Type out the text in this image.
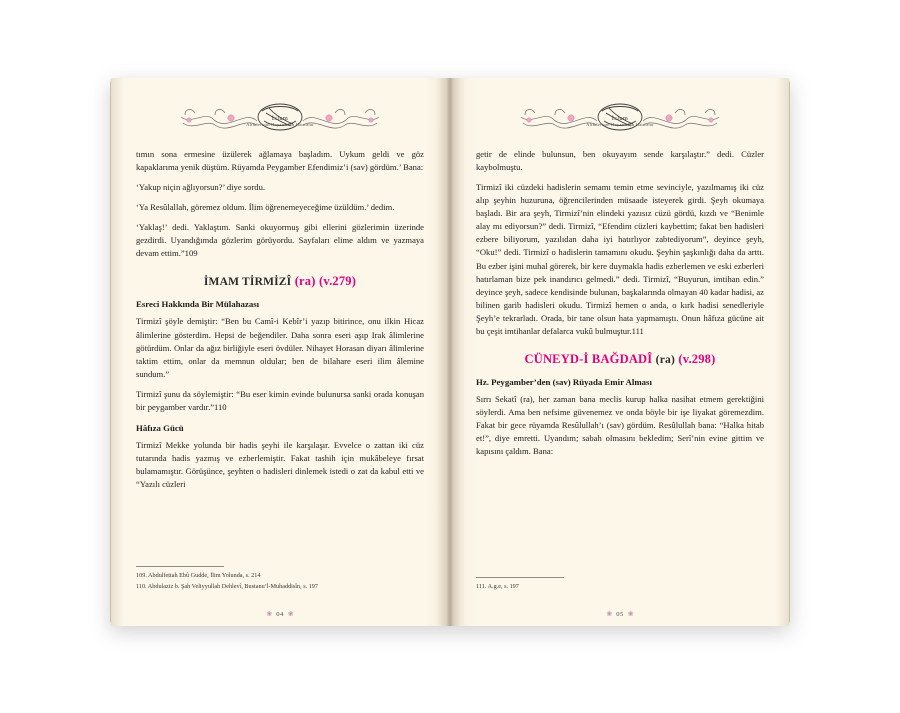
İslam
Alimlerinin Hayatından Hatıralar

tımın sona ermesine üzülerek ağlamaya başladım. Uykum geldi ve göz kapaklarıma yenik düştüm. Rüyamda Peygamber Efendimiz’i (sav) gördüm.’ Bana:

‘Yakup niçin ağlıyorsun?’ diye sordu.

‘Ya Resûlallah, göremez oldum. İlim öğrenemeyeceğime üzüldüm.’ dedim.

‘Yaklaş!’ dedi. Yaklaştım. Sanki okuyormuş gibi ellerini gözlerimin üzerinde gezdirdi. Uyandığımda gözlerim görüyordu. Sayfaları elime aldım ve yazmaya devam ettim.”109

İMAM TİRMİZÎ (ra) (v.279)
Esreci Hakkında Bir Mülahazası

Tirmizî şöyle demiştir: “Ben bu Camî-i Kebîr’i yazıp bitirince, onu ilkin Hicaz âlimlerine gösterdim. Hepsi de beğendiler. Daha sonra eseri aşıp Irak âlimlerine götürdüm. Onlar da ağız birliğiyle eseri övdüler. Nihayet Horasan diyarı âlimlerine taktim ettim, onlar da memnun oldular; ben de bilahare eseri ilim âlemine sundum.”

Tirmizî şunu da söylemiştir: “Bu eser kimin evinde bulunursa sanki orada konuşan bir peygamber vardır.”110

Hâfıza Gücü

Tirmizî Mekke yolunda bir hadis şeyhi ile karşılaşır. Evvelce o zattan iki cüz tutarında hadis yazmış ve ezberlemiştir. Fakat tashih için mukâbeleye fırsat bulamamıştır. Görüşünce, şeyhten o hadisleri dinlemek istedi o zat da kabul etti ve “Yazılı cüzleri

109. Abdulfettah Ebû Gudde, İlim Yolunda, s. 214

110. Abdulaziz b. Şah Veliyyullah Dehlevî, Bustanu’l-Muhaddisîn, s. 197

❀ 04 ❀
İslam
Alimlerinin Hayatından Hatıralar

getir de elinde bulunsun, ben okuyayım sende karşılaştır.” dedi. Cüzler kaybolmuştu.

Tirmizî iki cüzdeki hadislerin semamı temin etme sevinciyle, yazılmamış iki cüz alıp şeyhin huzuruna, öğrencilerinden müsaade isteyerek girdi. Şeyh okumaya başladı. Bir ara şeyh, Tirmizî’nin elindeki yazısız cüzü gördü, kızdı ve “Benimle alay mı ediyorsun?” dedi. Tirmizî, “Efendim cüzleri kaybettim; fakat ben hadisleri ezbere biliyorum, yazılıdan daha iyi hatırlıyor zabtediyorum”, deyince şeyh, “Oku!” dedi. Tirmizî o hadislerin tamamını okudu. Şeyhin şaşkınlığı daha da arttı. Bu ezber işini muhal görerek, bir kere duymakla hadis ezberlemen ve eski ezberleri hatırlaman bize pek inandırıcı gelmedi.” dedi. Tirmizî, “Buyurun, imtihan edin.” deyince şeyh, sadece kendisinde bulunan, başkalarında olmayan 40 kadar hadisi, az bilinen garib hadisleri okudu. Tirmizî hemen o anda, o kırk hadisi senedleriyle Şeyh’e tekrarladı. Orada, bir tane olsun hata yapmamıştı. Onun hâfıza gücüne ait bu çeşit imtihanlar defalarca vukû bulmuştur.111

CÜNEYD-İ BAĞDADÎ (ra) (v.298)
Hz. Peygamber’den (sav) Rüyada Emir Alması

Sırrı Sekatî (ra), her zaman bana meclis kurup halka nasihat etmem gerektiğini söylerdi. Ama ben nefsime güvenemez ve onda böyle bir işe liyakat göremezdim. Fakat bir gece rüyamda Resûlullah’ı (sav) gördüm. Resûlullah bana: “Halka hitab et!”, diye emretti. Uyandım; sabah olmasını bekledim; Serî’nin evine gittim ve kapısını çaldım. Bana:

111. A.g.e, s. 197

❀ 05 ❀
